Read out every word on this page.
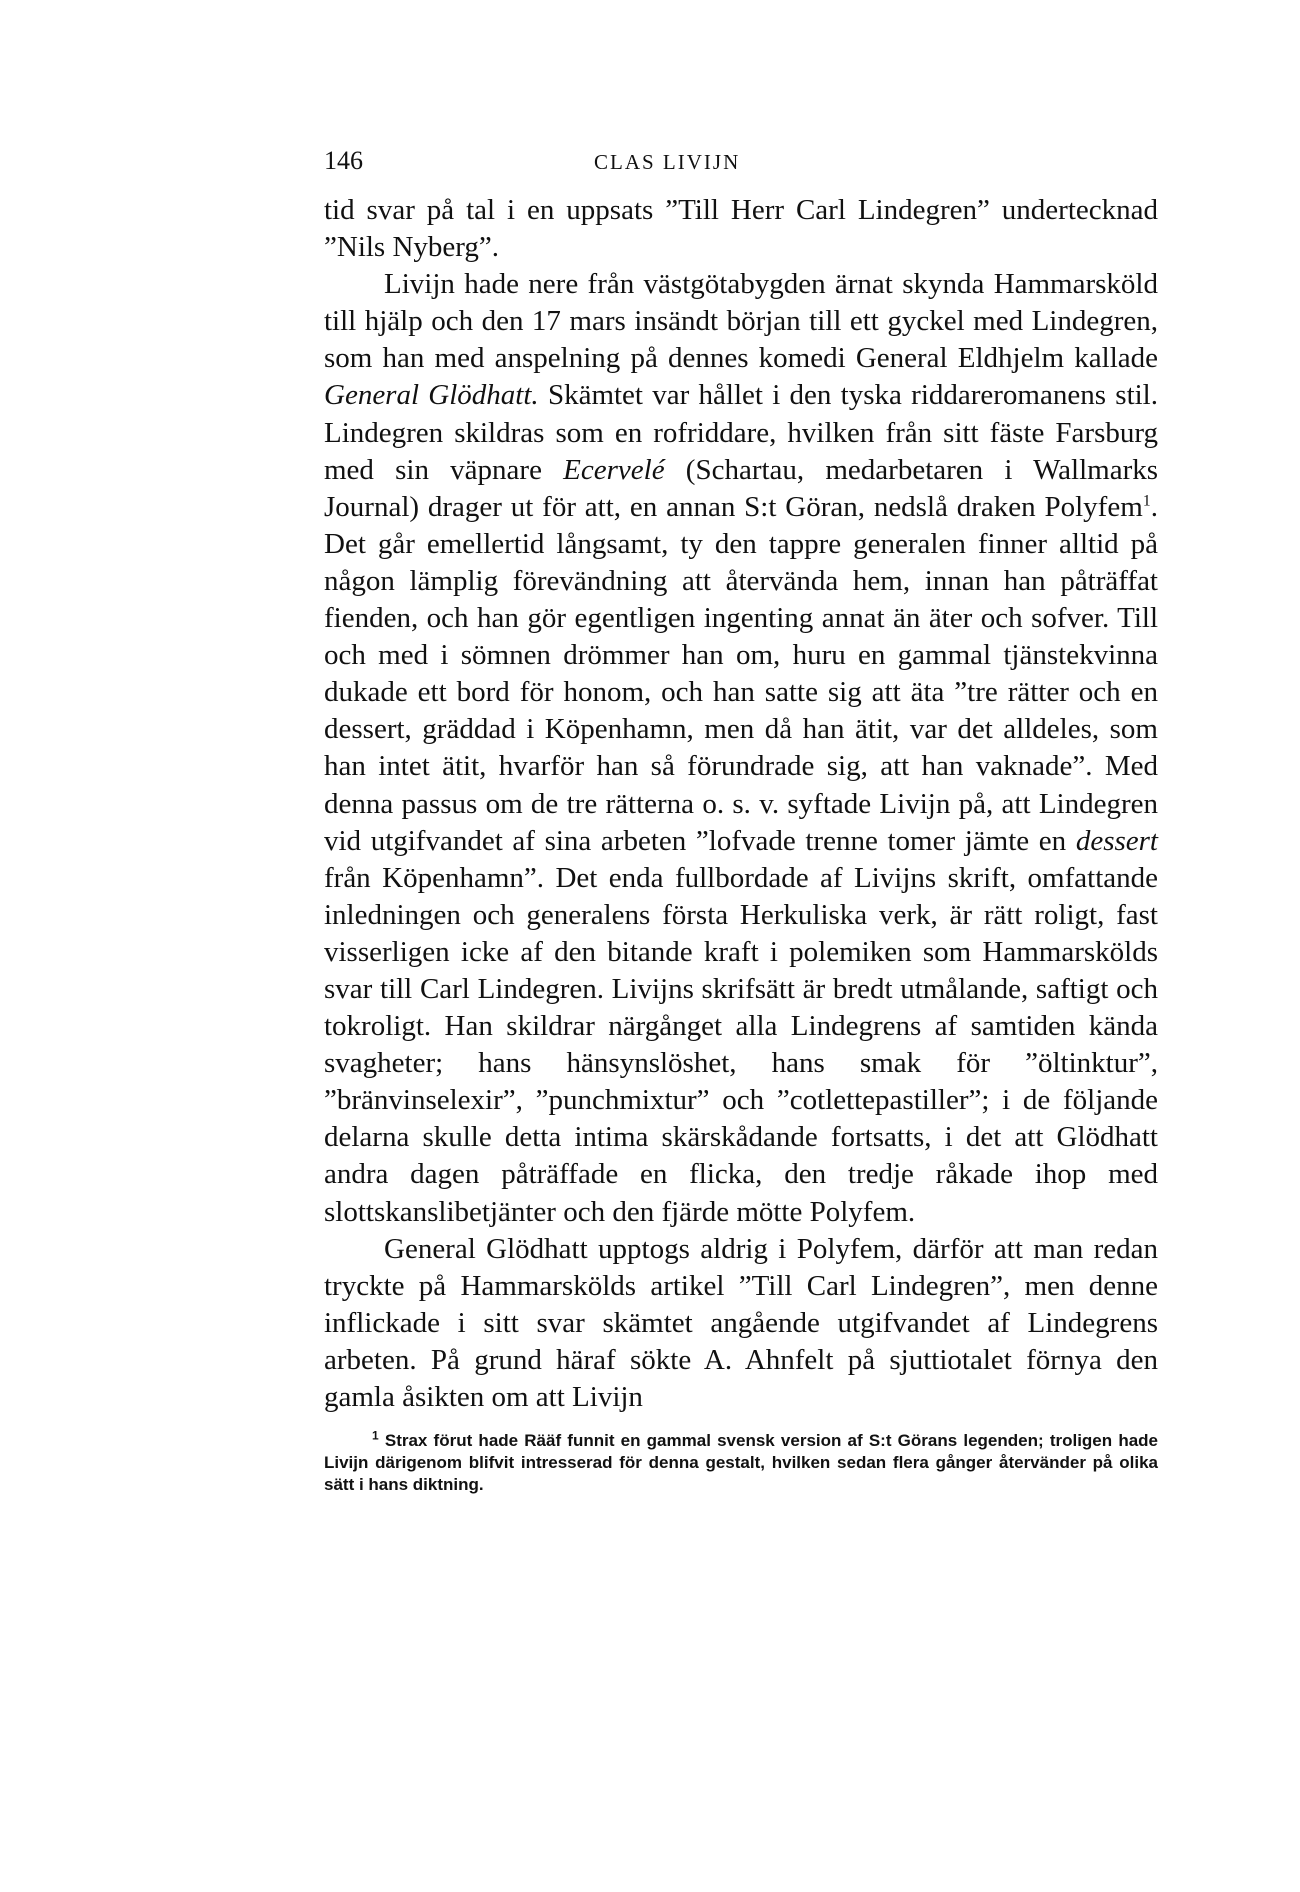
146	CLAS LIVIJN

tid svar på tal i en uppsats ”Till Herr Carl Lindegren” undertecknad ”Nils Nyberg”.

Livijn hade nere från västgötabygden ärnat skynda Hammarsköld till hjälp och den 17 mars insändt början till ett gyckel med Lindegren, som han med anspelning på dennes komedi General Eldhjelm kallade General Glödhatt. Skämtet var hållet i den tyska riddareromanens stil. Lindegren skildras som en rofriddare, hvilken från sitt fäste Farsburg med sin väpnare Ecervelé (Schartau, medarbetaren i Wallmarks Journal) drager ut för att, en annan S:t Göran, nedslå draken Polyfem$^1$. Det går emellertid långsamt, ty den tappre generalen finner alltid på någon lämplig förevändning att återvända hem, innan han påträffat fienden, och han gör egentligen ingenting annat än äter och sofver. Till och med i sömnen drömmer han om, huru en gammal tjänstekvinna dukade ett bord för honom, och han satte sig att äta ”tre rätter och en dessert, gräddad i Köpenhamn, men då han ätit, var det alldeles, som han intet ätit, hvarför han så förundrade sig, att han vaknade”. Med denna passus om de tre rätterna o. s. v. syftade Livijn på, att Lindegren vid utgifvandet af sina arbeten ”lofvade trenne tomer jämte en dessert från Köpenhamn”. Det enda fullbordade af Livijns skrift, omfattande inledningen och generalens första Herkuliska verk, är rätt roligt, fast visserligen icke af den bitande kraft i polemiken som Hammarskölds svar till Carl Lindegren. Livijns skrifsätt är bredt utmålande, saftigt och tokroligt. Han skildrar närgånget alla Lindegrens af samtiden kända svagheter; hans hänsynslöshet, hans smak för ”öltinktur”, ”bränvinselexir”, ”punchmixtur” och ”cotlettepastiller”; i de följande delarna skulle detta intima skärskådande fortsatts, i det att Glödhatt andra dagen påträffade en flicka, den tredje råkade ihop med slottskanslibetjänter och den fjärde mötte Polyfem.

General Glödhatt upptogs aldrig i Polyfem, därför att man redan tryckte på Hammarskölds artikel ”Till Carl Lindegren”, men denne inflickade i sitt svar skämtet angående utgifvandet af Lindegrens arbeten. På grund häraf sökte A. Ahnfelt på sjuttiotalet förnya den gamla åsikten om att Livijn

$^1$ Strax förut hade Rääf funnit en gammal svensk version af S:t Görans legenden; troligen hade Livijn därigenom blifvit intresserad för denna gestalt, hvilken sedan flera gånger återvänder på olika sätt i hans diktning.
